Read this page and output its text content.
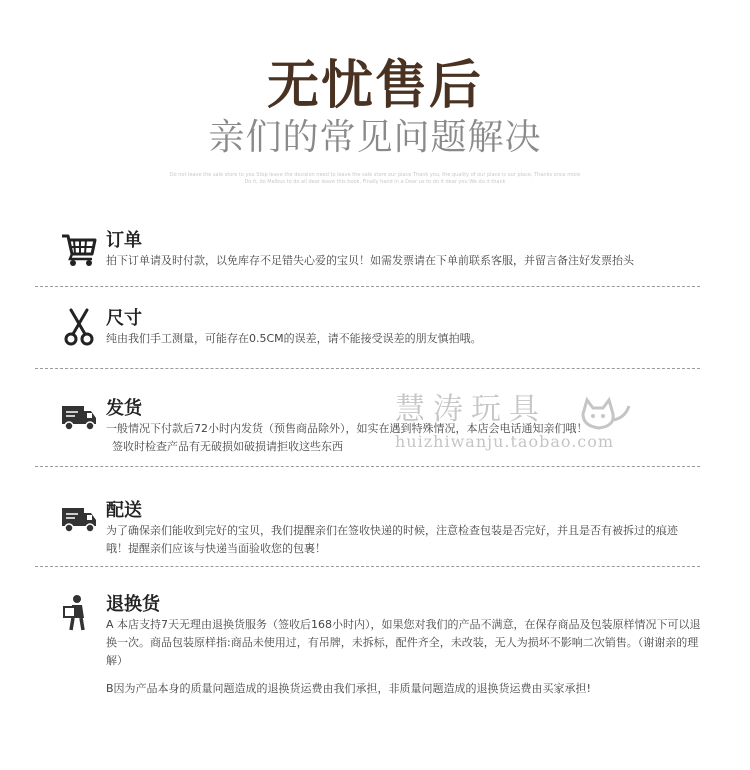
无忧售后
亲们的常见问题解决
Do not leave the sale store to you Stop leave the decision need to leave the sale store our place Thank you, the quality of our place is our place, Thanks once more
Do it, do Melbus to do all dear leave this book, Finally hand in a Dear us to do it dear you We do it thank
订单

拍下订单请及时付款，以免库存不足错失心爱的宝贝！如需发票请在下单前联系客服，并留言备注好发票抬头

尺寸

纯由我们手工测量，可能存在0.5CM的误差，请不能接受误差的朋友慎拍哦。

发货

一般情况下付款后72小时内发货（预售商品除外），如实在遇到特殊情况，本店会电话通知亲们哦！

签收时检查产品有无破损如破损请拒收这些东西

配送

为了确保亲们能收到完好的宝贝，我们提醒亲们在签收快递的时候，注意检查包装是否完好，并且是否有被拆过的痕迹哦！提醒亲们应该与快递当面验收您的包裹！

退换货

A 本店支持7天无理由退换货服务（签收后168小时内），如果您对我们的产品不满意，在保存商品及包装原样情况下可以退换一次。商品包装原样指:商品未使用过，有吊牌，未拆标，配件齐全，未改装，无人为损坏不影响二次销售。（谢谢亲的理解）

B因为产品本身的质量问题造成的退换货运费由我们承担，非质量问题造成的退换货运费由买家承担!

慧涛玩具
huizhiwanju.taobao.com
